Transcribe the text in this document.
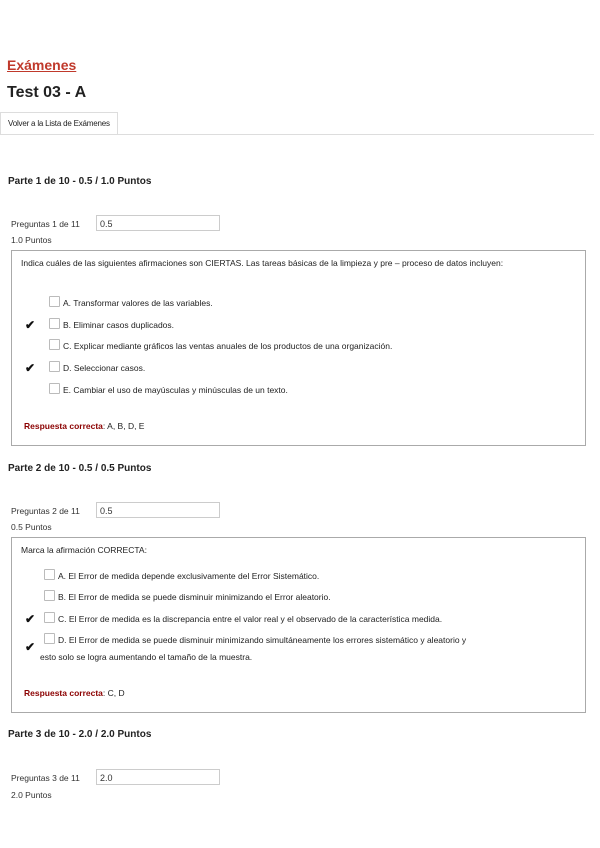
Exámenes
Test 03 - A
Volver a la Lista de Exámenes
Parte 1 de 10 - 0.5 / 1.0 Puntos
Preguntas 1 de 11	0.5
1.0 Puntos
Indica cuáles de las siguientes afirmaciones son CIERTAS. Las tareas básicas de la limpieza y pre – proceso de datos incluyen:
A. Transformar valores de las variables.
✔	B. Eliminar casos duplicados.
C. Explicar mediante gráficos las ventas anuales de los productos de una organización.
✔	D. Seleccionar casos.
E. Cambiar el uso de mayúsculas y minúsculas de un texto.
Respuesta correcta: A, B, D, E
Parte 2 de 10 - 0.5 / 0.5 Puntos
Preguntas 2 de 11	0.5
0.5 Puntos
Marca la afirmación CORRECTA:
A. El Error de medida depende exclusivamente del Error Sistemático.
B. El Error de medida se puede disminuir minimizando el Error aleatorio.
✔	C. El Error de medida es la discrepancia entre el valor real y el observado de la característica medida.
✔	D. El Error de medida se puede disminuir minimizando simultáneamente los errores sistemático y aleatorio y
esto solo se logra aumentando el tamaño de la muestra.
Respuesta correcta: C, D
Parte 3 de 10 - 2.0 / 2.0 Puntos
Preguntas 3 de 11	2.0
2.0 Puntos
